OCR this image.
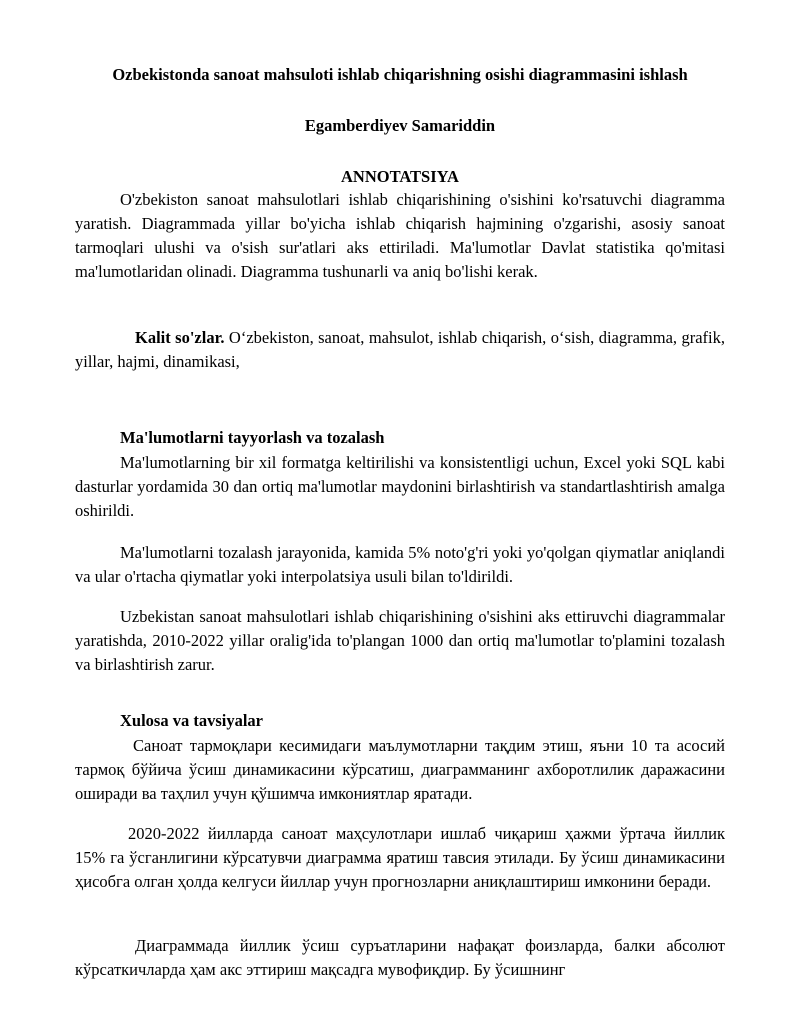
Ozbekistonda sanoat mahsuloti ishlab chiqarishning osishi diagrammasini ishlash
Egamberdiyev Samariddin
ANNOTATSIYA
O'zbekiston sanoat mahsulotlari ishlab chiqarishining o'sishini ko'rsatuvchi diagramma yaratish. Diagrammada yillar bo'yicha ishlab chiqarish hajmining o'zgarishi, asosiy sanoat tarmoqlari ulushi va o'sish sur'atlari aks ettiriladi. Ma'lumotlar Davlat statistika qo'mitasi ma'lumotlaridan olinadi. Diagramma tushunarli va aniq bo'lishi kerak.
Kalit so'zlar. O‘zbekiston, sanoat, mahsulot, ishlab chiqarish, o‘sish, diagramma, grafik, yillar, hajmi, dinamikasi,
Ma'lumotlarni tayyorlash va tozalash
Ma'lumotlarning bir xil formatga keltirilishi va konsistentligi uchun, Excel yoki SQL kabi dasturlar yordamida 30 dan ortiq ma'lumotlar maydonini birlashtirish va standartlashtirish amalga oshirildi.
Ma'lumotlarni tozalash jarayonida, kamida 5% noto'g'ri yoki yo'qolgan qiymatlar aniqlandi va ular o'rtacha qiymatlar yoki interpolatsiya usuli bilan to'ldirildi.
Uzbekistan sanoat mahsulotlari ishlab chiqarishining o'sishini aks ettiruvchi diagrammalar yaratishda, 2010-2022 yillar oralig'ida to'plangan 1000 dan ortiq ma'lumotlar to'plamini tozalash va birlashtirish zarur.
Xulosa va tavsiyalar
Саноат тармоқлари кесимидаги маълумотларни тақдим этиш, яъни 10 та асосий тармоқ бўйича ўсиш динамикасини кўрсатиш, диаграмманинг ахборотлилик даражасини оширади ва таҳлил учун қўшимча имкониятлар яратади.
2020-2022 йилларда саноат маҳсулотлари ишлаб чиқариш ҳажми ўртача йиллик 15% га ўсганлигини кўрсатувчи диаграмма яратиш тавсия этилади. Бу ўсиш динамикасини ҳисобга олган ҳолда келгуси йиллар учун прогнозларни аниқлаштириш имконини беради.
Диаграммада йиллик ўсиш суръатларини нафақат фоизларда, балки абсолют кўрсаткичларда ҳам акс эттириш мақсадга мувофиқдир. Бу ўсишнинг
